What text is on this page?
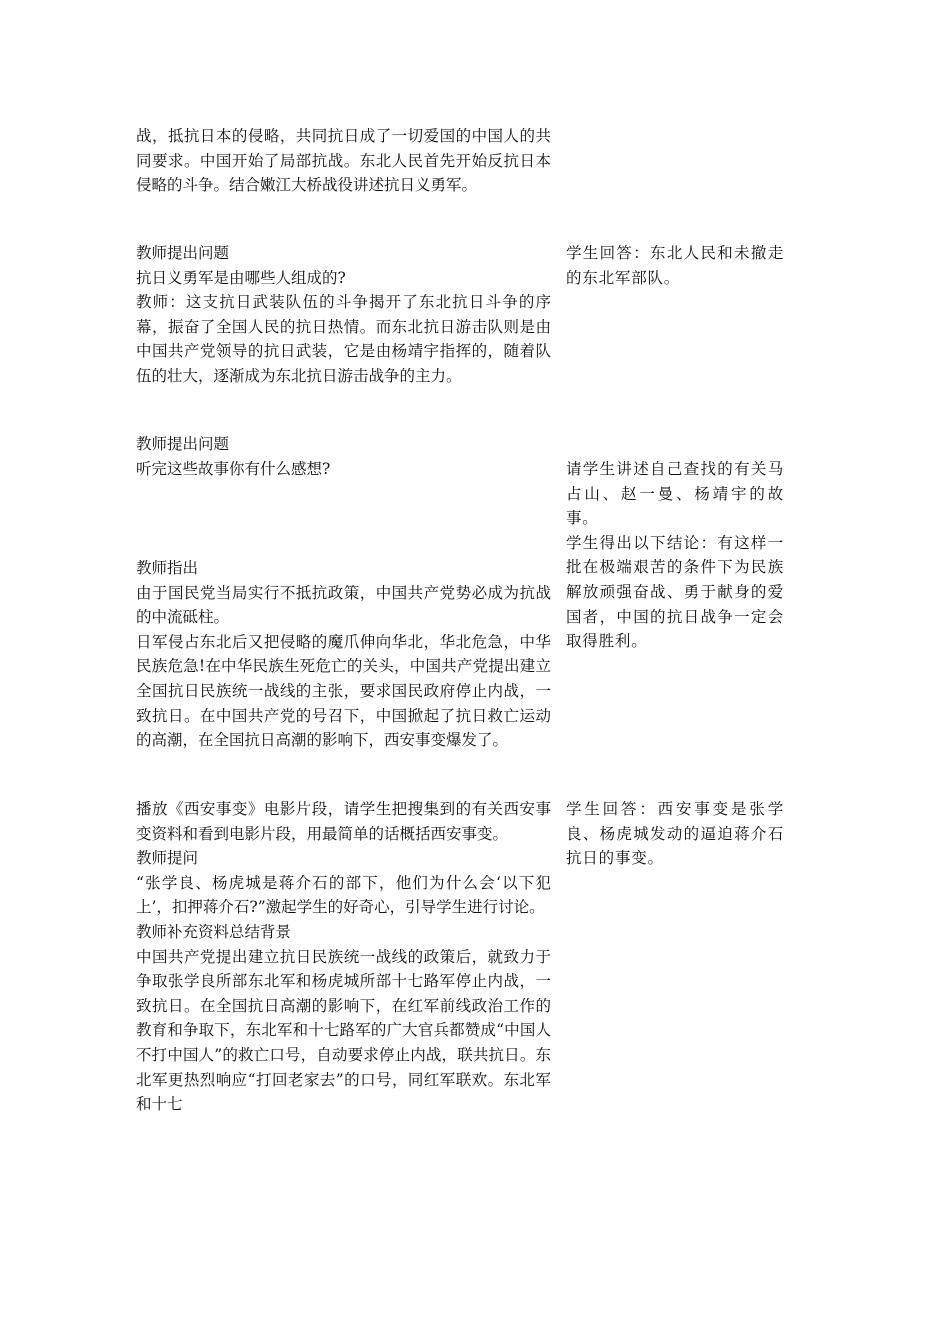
战，抵抗日本的侵略，共同抗日成了一切爱国的中国人的共同要求。中国开始了局部抗战。东北人民首先开始反抗日本侵略的斗争。结合嫩江大桥战役讲述抗日义勇军。

教师提出问题

抗日义勇军是由哪些人组成的?

教师：这支抗日武装队伍的斗争揭开了东北抗日斗争的序幕，振奋了全国人民的抗日热情。而东北抗日游击队则是由中国共产党领导的抗日武装，它是由杨靖宇指挥的，随着队伍的壮大，逐渐成为东北抗日游击战争的主力。

教师提出问题

听完这些故事你有什么感想?

教师指出

由于国民党当局实行不抵抗政策，中国共产党势必成为抗战的中流砥柱。

日军侵占东北后又把侵略的魔爪伸向华北，华北危急，中华民族危急!在中华民族生死危亡的关头，中国共产党提出建立全国抗日民族统一战线的主张，要求国民政府停止内战，一致抗日。在中国共产党的号召下，中国掀起了抗日救亡运动的高潮，在全国抗日高潮的影响下，西安事变爆发了。

播放《西安事变》电影片段，请学生把搜集到的有关西安事变资料和看到电影片段，用最简单的话概括西安事变。

教师提问

“张学良、杨虎城是蒋介石的部下，他们为什么会‘以下犯上’，扣押蒋介石?”激起学生的好奇心，引导学生进行讨论。

教师补充资料总结背景

中国共产党提出建立抗日民族统一战线的政策后，就致力于争取张学良所部东北军和杨虎城所部十七路军停止内战，一致抗日。在全国抗日高潮的影响下，在红军前线政治工作的教育和争取下，东北军和十七路军的广大官兵都赞成“中国人不打中国人”的救亡口号，自动要求停止内战，联共抗日。东北军更热烈响应“打回老家去”的口号，同红军联欢。东北军和十七

学生回答：东北人民和未撤走的东北军部队。

请学生讲述自己查找的有关马占山、赵一曼、杨靖宇的故事。

学生得出以下结论：有这样一批在极端艰苦的条件下为民族解放顽强奋战、勇于献身的爱国者，中国的抗日战争一定会取得胜利。

学生回答：西安事变是张学良、杨虎城发动的逼迫蒋介石抗日的事变。
